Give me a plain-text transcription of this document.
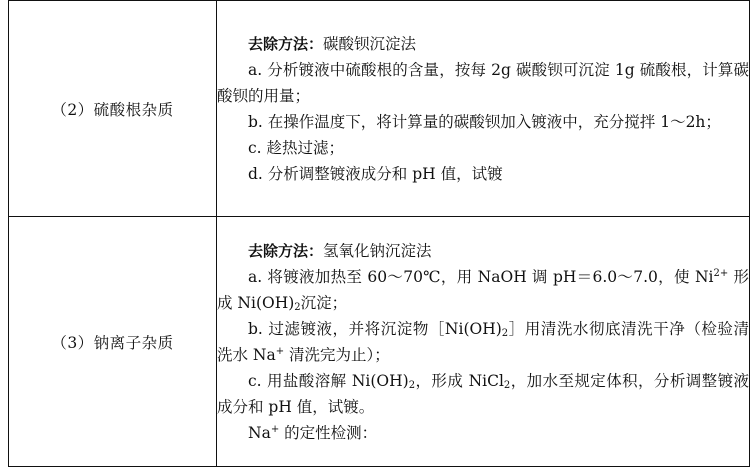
（2）硫酸根杂质	去除方法：碳酸钡沉淀法
a. 分析镀液中硫酸根的含量，按每 2g 碳酸钡可沉淀 1g 硫酸根，计算碳酸钡的用量；
b. 在操作温度下，将计算量的碳酸钡加入镀液中，充分搅拌 1～2h；
c. 趁热过滤；
d. 分析调整镀液成分和 pH 值，试镀

（3）钠离子杂质	去除方法：氢氧化钠沉淀法
a. 将镀液加热至 60～70℃，用 NaOH 调 pH＝6.0～7.0，使 $Ni^{2+}$ 形成 $Ni(OH)_2$沉淀；
b. 过滤镀液，并将沉淀物$[Ni(OH)_2]$用清洗水彻底清洗干净（检验清洗水 Na+ 清洗完为止）；
c. 用盐酸溶解 $Ni(OH)_2$，形成 NiCl$_2$，加水至规定体积，分析调整镀液成分和 pH 值，试镀。
Na+ 的定性检测：
